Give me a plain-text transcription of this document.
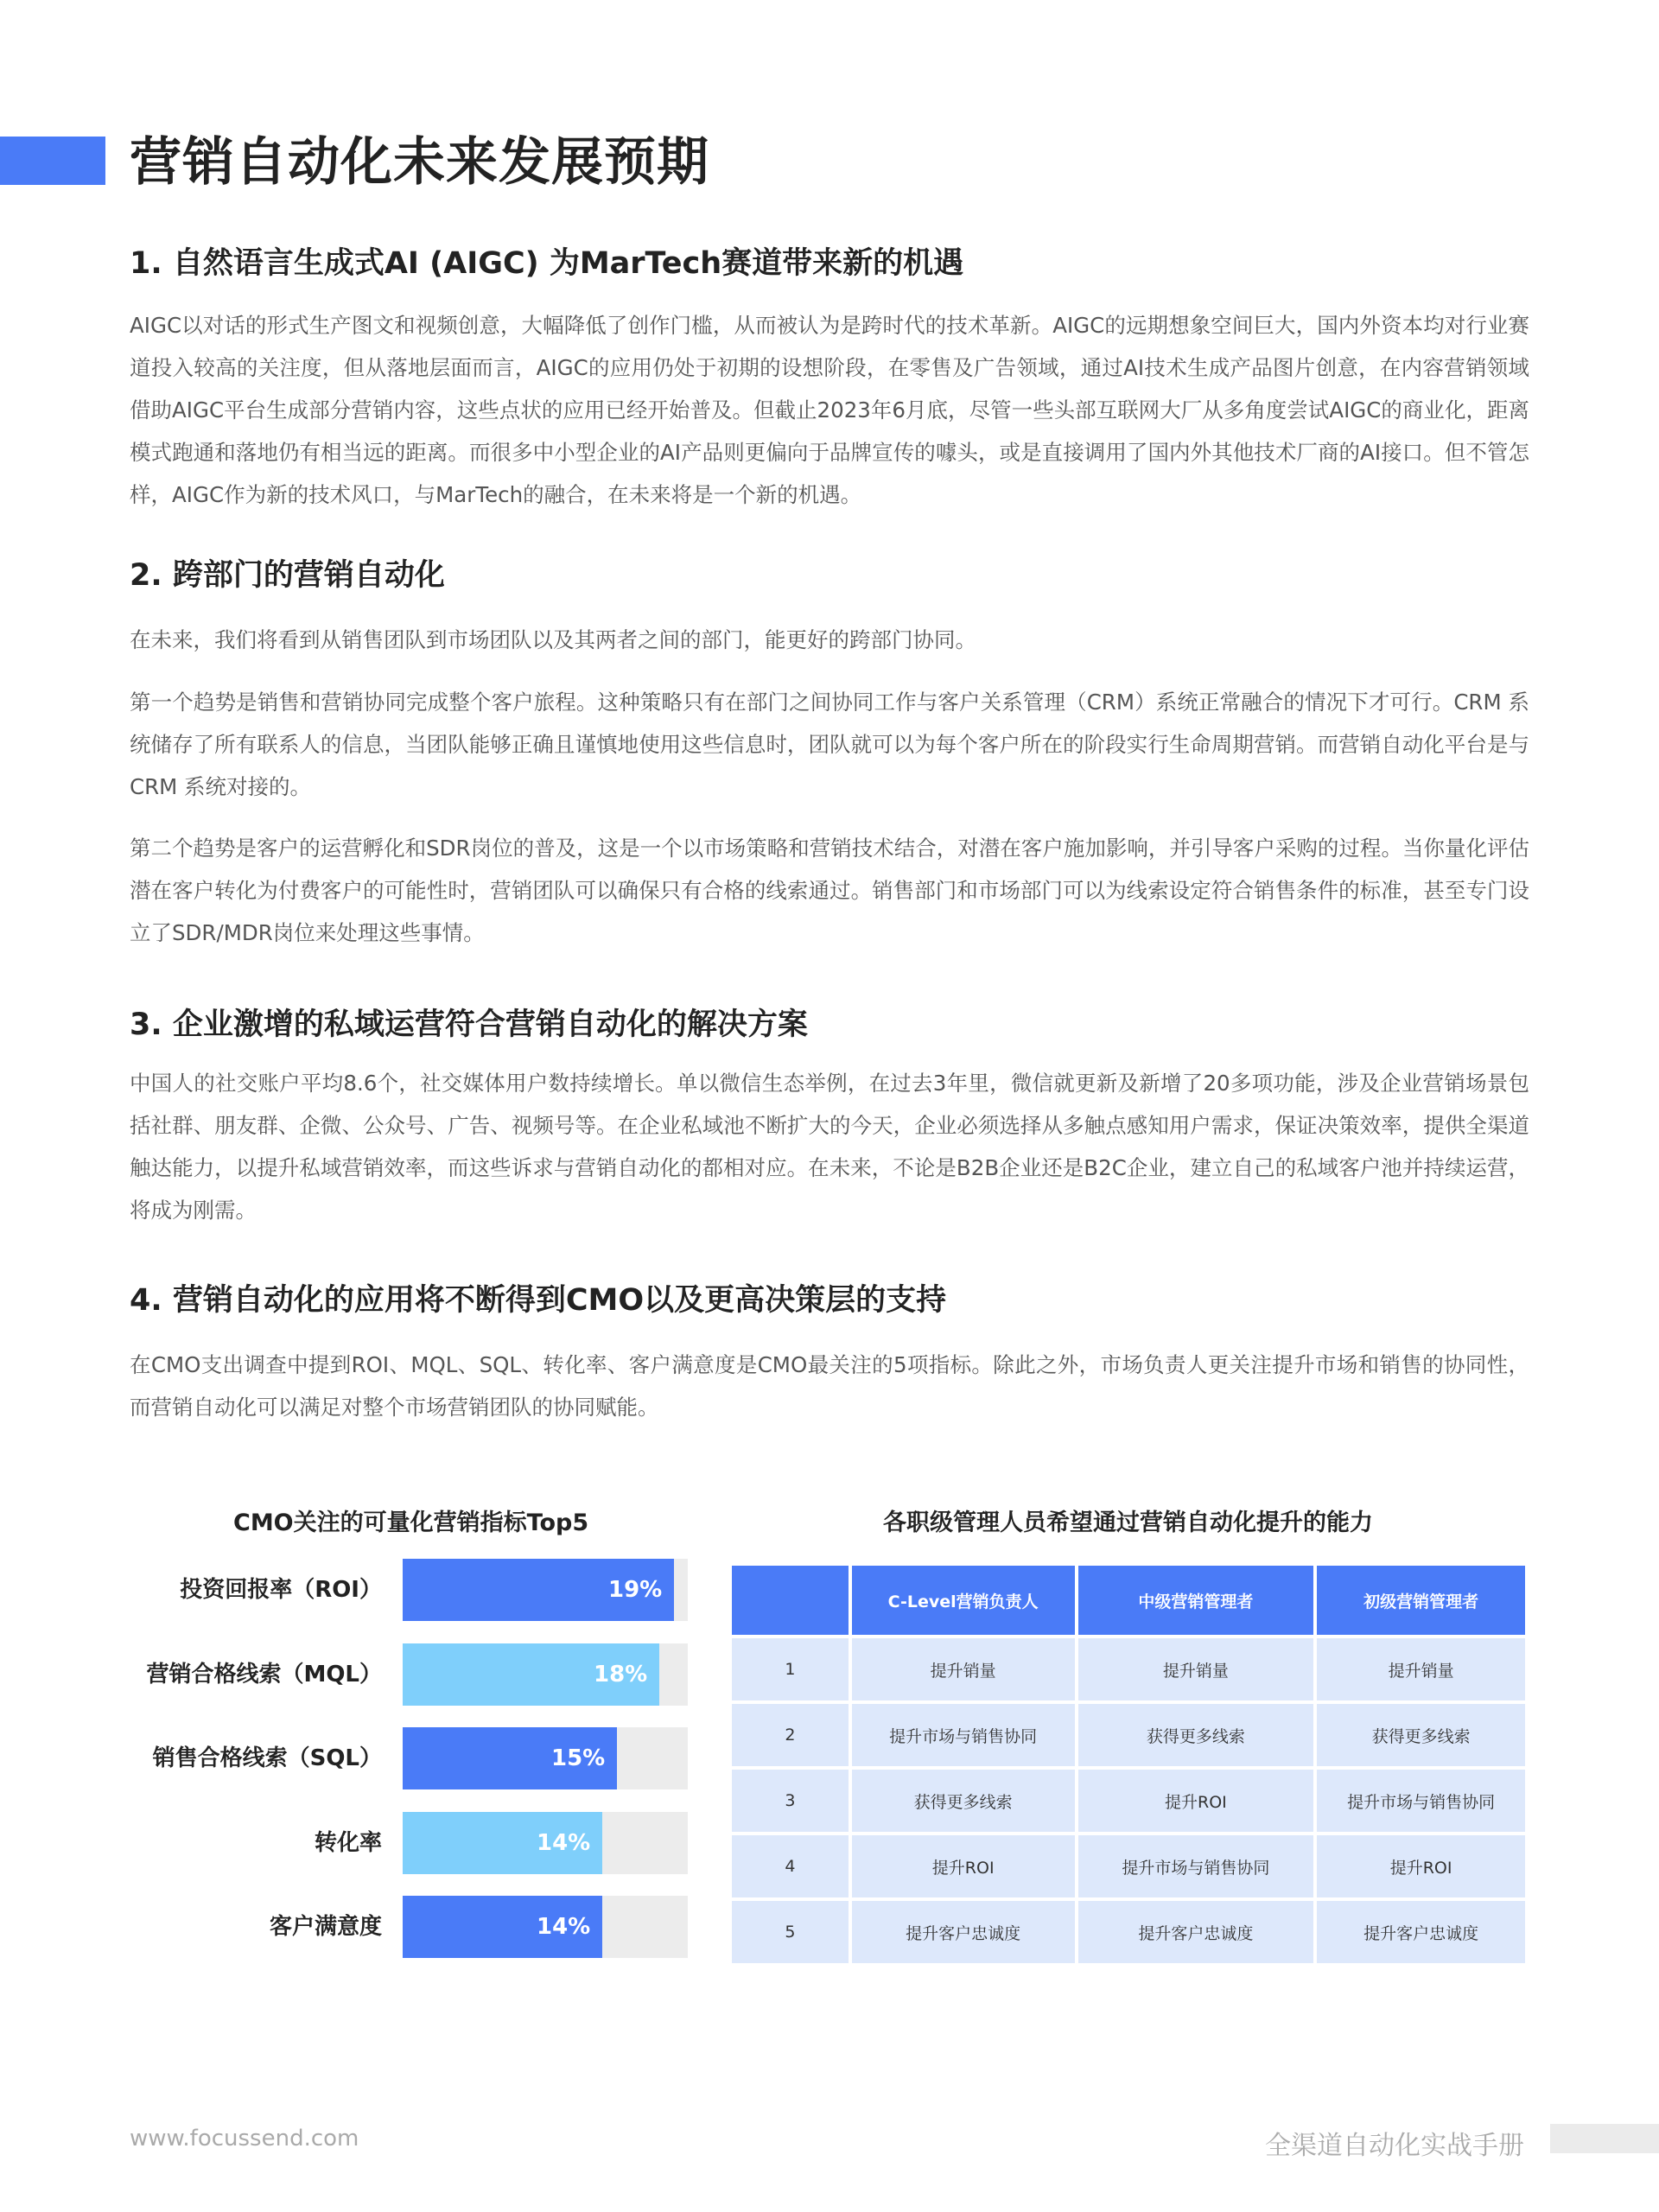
营销自动化未来发展预期
1. 自然语言生成式AI (AIGC) 为MarTech赛道带来新的机遇

AIGC以对话的形式生产图文和视频创意，大幅降低了创作门槛，从而被认为是跨时代的技术革新。AIGC的远期想象空间巨大，国内外资本均对行业赛道投入较高的关注度，但从落地层面而言，AIGC的应用仍处于初期的设想阶段，在零售及广告领域，通过AI技术生成产品图片创意，在内容营销领域借助AIGC平台生成部分营销内容，这些点状的应用已经开始普及。但截止2023年6月底，尽管一些头部互联网大厂从多角度尝试AIGC的商业化，距离模式跑通和落地仍有相当远的距离。而很多中小型企业的AI产品则更偏向于品牌宣传的噱头，或是直接调用了国内外其他技术厂商的AI接口。但不管怎样，AIGC作为新的技术风口，与MarTech的融合，在未来将是一个新的机遇。

2. 跨部门的营销自动化

在未来，我们将看到从销售团队到市场团队以及其两者之间的部门，能更好的跨部门协同。

第一个趋势是销售和营销协同完成整个客户旅程。这种策略只有在部门之间协同工作与客户关系管理（CRM）系统正常融合的情况下才可行。CRM 系统储存了所有联系人的信息，当团队能够正确且谨慎地使用这些信息时，团队就可以为每个客户所在的阶段实行生命周期营销。而营销自动化平台是与 CRM 系统对接的。

第二个趋势是客户的运营孵化和SDR岗位的普及，这是一个以市场策略和营销技术结合，对潜在客户施加影响，并引导客户采购的过程。当你量化评估潜在客户转化为付费客户的可能性时，营销团队可以确保只有合格的线索通过。销售部门和市场部门可以为线索设定符合销售条件的标准，甚至专门设立了SDR/MDR岗位来处理这些事情。

3. 企业激增的私域运营符合营销自动化的解决方案

中国人的社交账户平均8.6个，社交媒体用户数持续增长。单以微信生态举例，在过去3年里，微信就更新及新增了20多项功能，涉及企业营销场景包括社群、朋友群、企微、公众号、广告、视频号等。在企业私域池不断扩大的今天，企业必须选择从多触点感知用户需求，保证决策效率，提供全渠道触达能力，以提升私域营销效率，而这些诉求与营销自动化的都相对应。在未来，不论是B2B企业还是B2C企业，建立自己的私域客户池并持续运营，将成为刚需。

4. 营销自动化的应用将不断得到CMO以及更高决策层的支持

在CMO支出调查中提到ROI、MQL、SQL、转化率、客户满意度是CMO最关注的5项指标。除此之外，市场负责人更关注提升市场和销售的协同性，而营销自动化可以满足对整个市场营销团队的协同赋能。

CMO关注的可量化营销指标Top5
投资回报率（ROI）	19%
营销合格线索（MQL）	18%
销售合格线索（SQL）	15%
转化率	14%
客户满意度	14%
各职级管理人员希望通过营销自动化提升的能力
	C-Level营销负责人	中级营销管理者	初级营销管理者
1	提升销量	提升销量	提升销量
2	提升市场与销售协同	获得更多线索	获得更多线索
3	获得更多线索	提升ROI	提升市场与销售协同
4	提升ROI	提升市场与销售协同	提升ROI
5	提升客户忠诚度	提升客户忠诚度	提升客户忠诚度
www.focussend.com	全渠道自动化实战手册
